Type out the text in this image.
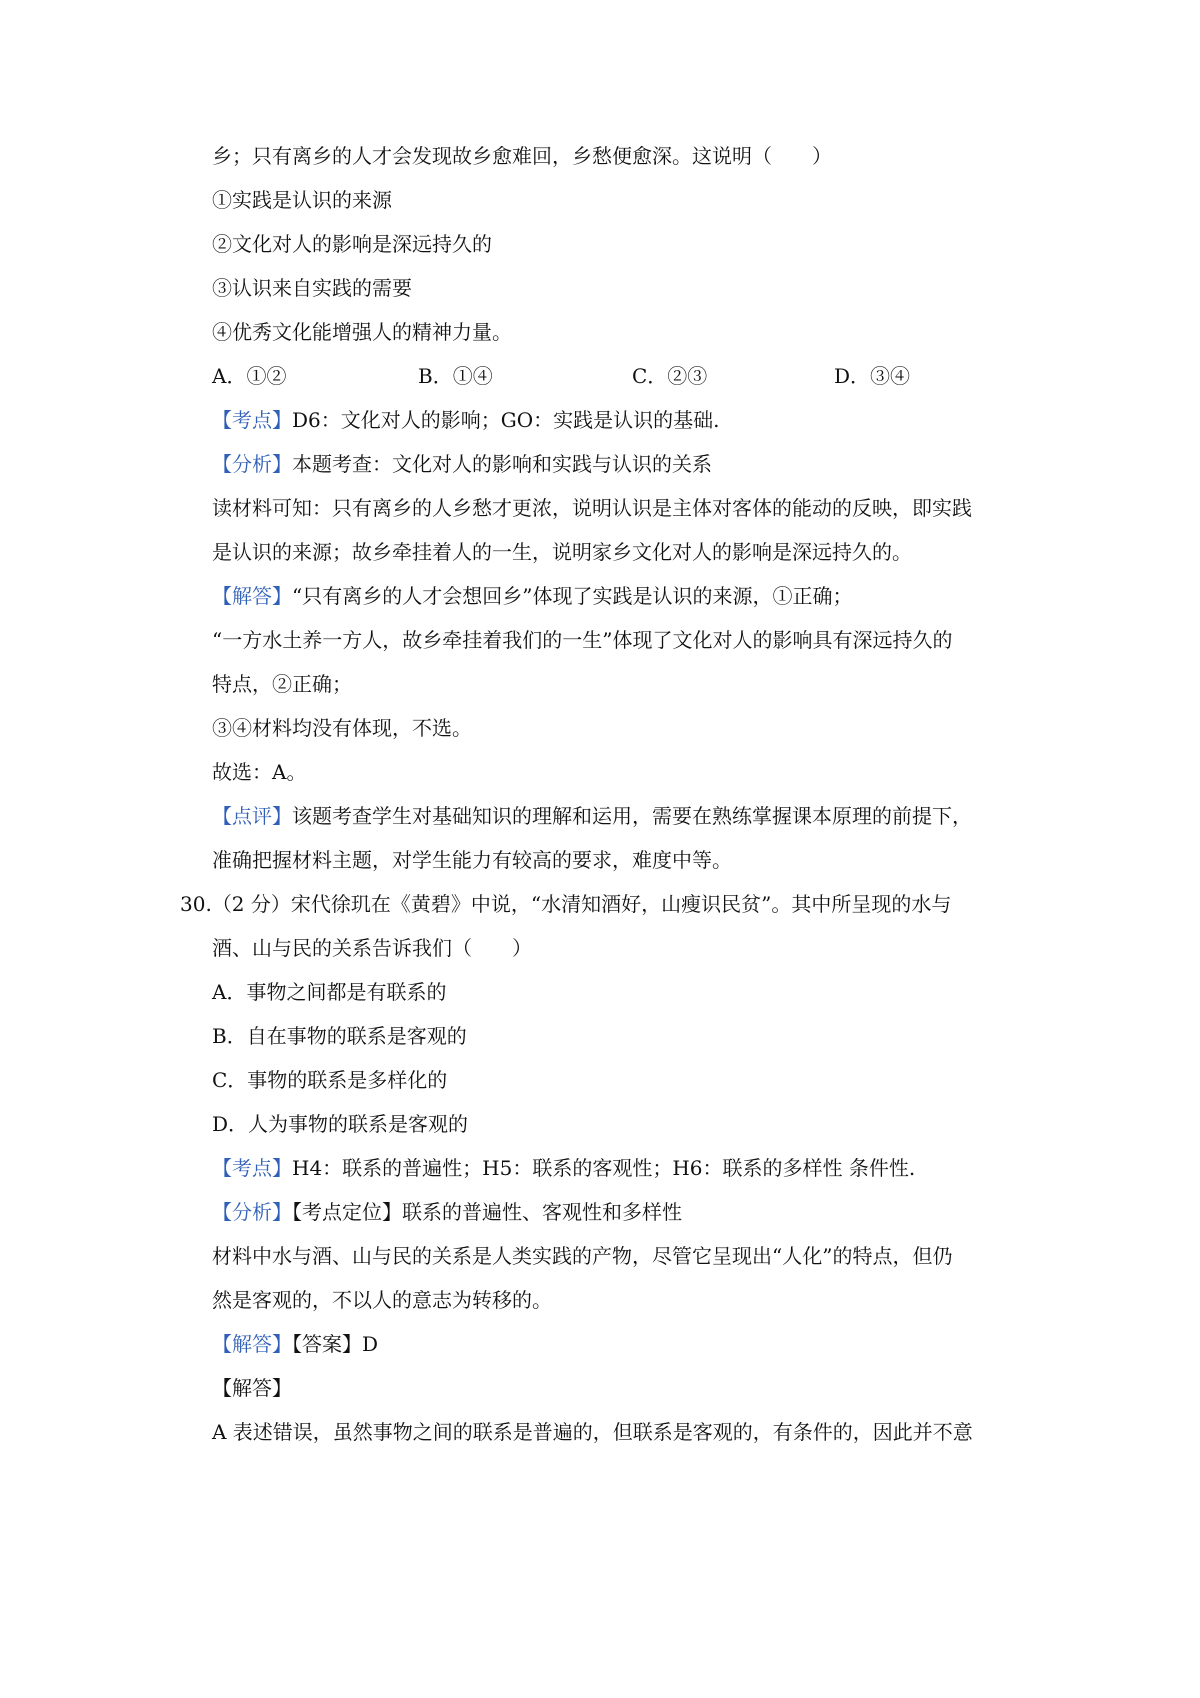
乡；只有离乡的人才会发现故乡愈难回，乡愁便愈深。这说明（　　）
①实践是认识的来源
②文化对人的影响是深远持久的
③认识来自实践的需要
④优秀文化能增强人的精神力量。
A．①②	B．①④	C．②③	D．③④
【考点】D6：文化对人的影响；GO：实践是认识的基础.
【分析】本题考查：文化对人的影响和实践与认识的关系
读材料可知：只有离乡的人乡愁才更浓，说明认识是主体对客体的能动的反映，即实践
是认识的来源；故乡牵挂着人的一生，说明家乡文化对人的影响是深远持久的。
【解答】“只有离乡的人才会想回乡”体现了实践是认识的来源，①正确；
“一方水土养一方人，故乡牵挂着我们的一生”体现了文化对人的影响具有深远持久的
特点，②正确；
③④材料均没有体现，不选。
故选：A。
【点评】该题考查学生对基础知识的理解和运用，需要在熟练掌握课本原理的前提下，
准确把握材料主题，对学生能力有较高的要求，难度中等。
30.（2 分）宋代徐玑在《黄碧》中说，“水清知酒好，山瘦识民贫”。其中所呈现的水与
酒、山与民的关系告诉我们（　　）
A．事物之间都是有联系的
B．自在事物的联系是客观的
C．事物的联系是多样化的
D．人为事物的联系是客观的
【考点】H4：联系的普遍性；H5：联系的客观性；H6：联系的多样性 条件性.
【分析】【考点定位】联系的普遍性、客观性和多样性
材料中水与酒、山与民的关系是人类实践的产物，尽管它呈现出“人化”的特点，但仍
然是客观的，不以人的意志为转移的。
【解答】【答案】D
【解答】
A 表述错误，虽然事物之间的联系是普遍的，但联系是客观的，有条件的，因此并不意
